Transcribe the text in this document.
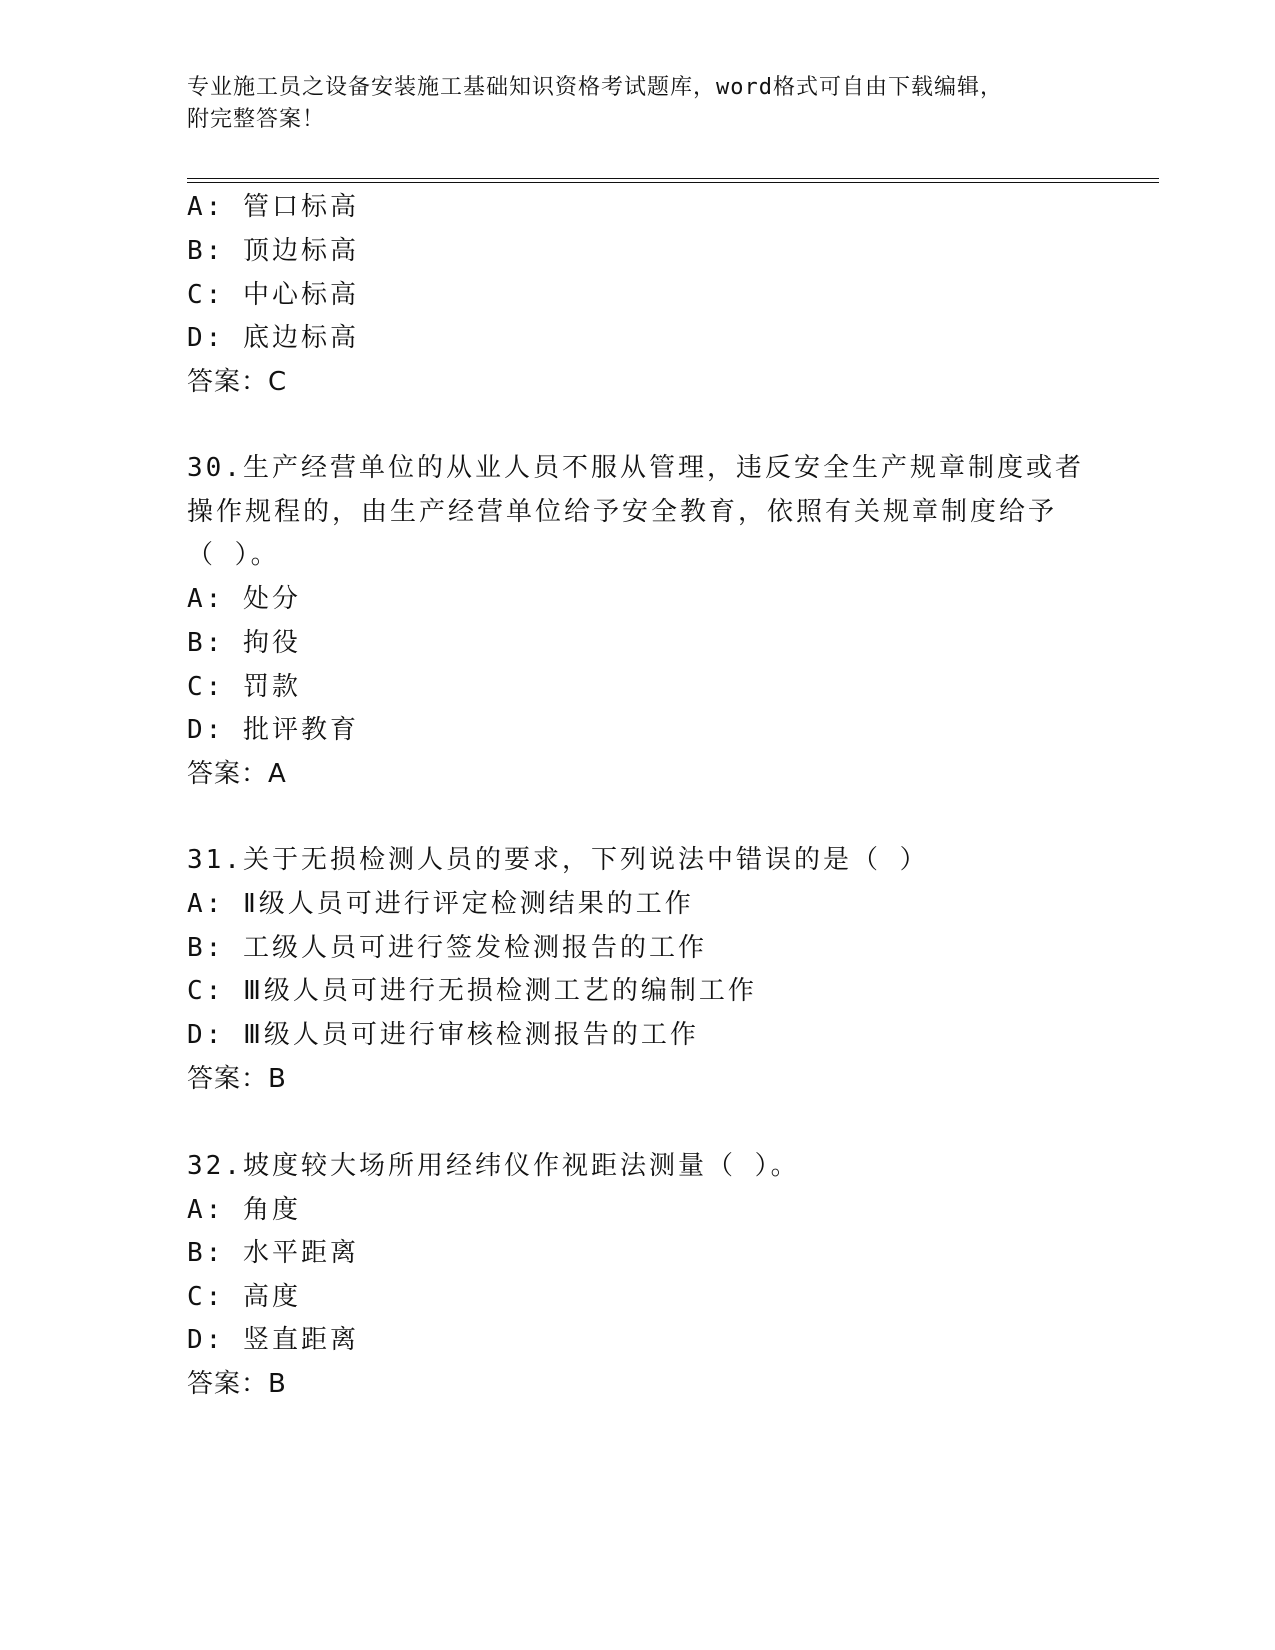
专业施工员之设备安装施工基础知识资格考试题库，word格式可自由下载编辑，
附完整答案！
A: 管口标高
B: 顶边标高
C: 中心标高
D: 底边标高
答案：C
30.生产经营单位的从业人员不服从管理，违反安全生产规章制度或者
操作规程的，由生产经营单位给予安全教育，依照有关规章制度给予
（ ）。
A: 处分
B: 拘役
C: 罚款
D: 批评教育
答案：A
31.关于无损检测人员的要求，下列说法中错误的是（ ）
A: Ⅱ级人员可进行评定检测结果的工作
B: 工级人员可进行签发检测报告的工作
C: Ⅲ级人员可进行无损检测工艺的编制工作
D: Ⅲ级人员可进行审核检测报告的工作
答案：B
32.坡度较大场所用经纬仪作视距法测量（ ）。
A: 角度
B: 水平距离
C: 高度
D: 竖直距离
答案：B
